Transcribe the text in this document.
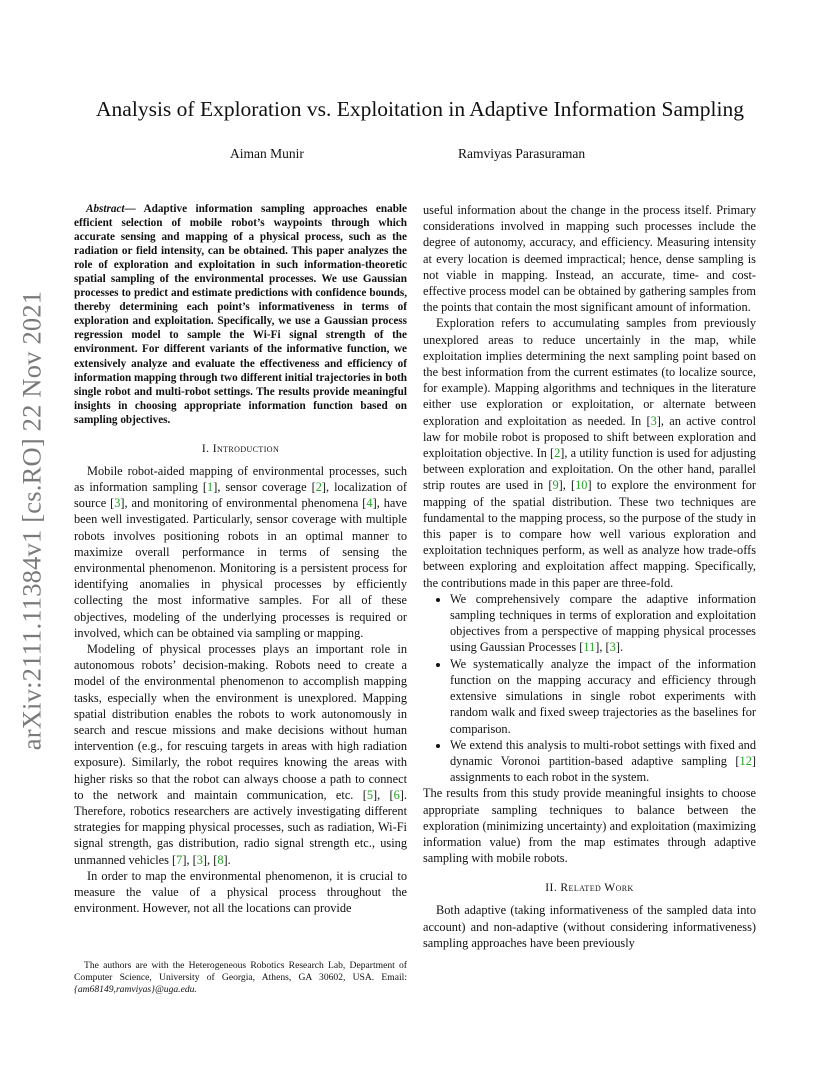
arXiv:2111.11384v1 [cs.RO] 22 Nov 2021
Analysis of Exploration vs. Exploitation in Adaptive Information Sampling
Aiman Munir	Ramviyas Parasuraman

Abstract— Adaptive information sampling approaches enable efficient selection of mobile robot’s waypoints through which accurate sensing and mapping of a physical process, such as the radiation or field intensity, can be obtained. This paper analyzes the role of exploration and exploitation in such information-theoretic spatial sampling of the environmental processes. We use Gaussian processes to predict and estimate predictions with confidence bounds, thereby determining each point’s informativeness in terms of exploration and exploitation. Specifically, we use a Gaussian process regression model to sample the Wi-Fi signal strength of the environment. For different variants of the informative function, we extensively analyze and evaluate the effectiveness and efficiency of information mapping through two different initial trajectories in both single robot and multi-robot settings. The results provide meaningful insights in choosing appropriate information function based on sampling objectives.

I. Introduction

Mobile robot-aided mapping of environmental processes, such as information sampling [1], sensor coverage [2], localization of source [3], and monitoring of environmental phenomena [4], have been well investigated. Particularly, sensor coverage with multiple robots involves positioning robots in an optimal manner to maximize overall performance in terms of sensing the environmental phenomenon. Monitoring is a persistent process for identifying anomalies in physical processes by efficiently collecting the most informative samples. For all of these objectives, modeling of the underlying processes is required or involved, which can be obtained via sampling or mapping.

Modeling of physical processes plays an important role in autonomous robots’ decision-making. Robots need to create a model of the environmental phenomenon to accomplish mapping tasks, especially when the environment is unexplored. Mapping spatial distribution enables the robots to work autonomously in search and rescue missions and make decisions without human intervention (e.g., for rescuing targets in areas with high radiation exposure). Similarly, the robot requires knowing the areas with higher risks so that the robot can always choose a path to connect to the network and maintain communication, etc. [5], [6]. Therefore, robotics researchers are actively investigating different strategies for mapping physical processes, such as radiation, Wi-Fi signal strength, gas distribution, radio signal strength etc., using unmanned vehicles [7], [3], [8].

In order to map the environmental phenomenon, it is crucial to measure the value of a physical process throughout the environment. However, not all the locations can provide

The authors are with the Heterogeneous Robotics Research Lab, Department of Computer Science, University of Georgia, Athens, GA 30602, USA. Email: {am68149,ramviyas}@uga.edu.

useful information about the change in the process itself. Primary considerations involved in mapping such processes include the degree of autonomy, accuracy, and efficiency. Measuring intensity at every location is deemed impractical; hence, dense sampling is not viable in mapping. Instead, an accurate, time- and cost-effective process model can be obtained by gathering samples from the points that contain the most significant amount of information.

Exploration refers to accumulating samples from previously unexplored areas to reduce uncertainly in the map, while exploitation implies determining the next sampling point based on the best information from the current estimates (to localize source, for example). Mapping algorithms and techniques in the literature either use exploration or exploitation, or alternate between exploration and exploitation as needed. In [3], an active control law for mobile robot is proposed to shift between exploration and exploitation objective. In [2], a utility function is used for adjusting between exploration and exploitation. On the other hand, parallel strip routes are used in [9], [10] to explore the environment for mapping of the spatial distribution. These two techniques are fundamental to the mapping process, so the purpose of the study in this paper is to compare how well various exploration and exploitation techniques perform, as well as analyze how trade-offs between exploring and exploitation affect mapping. Specifically, the contributions made in this paper are three-fold.

• We comprehensively compare the adaptive information sampling techniques in terms of exploration and exploitation objectives from a perspective of mapping physical processes using Gaussian Processes [11], [3].
• We systematically analyze the impact of the information function on the mapping accuracy and efficiency through extensive simulations in single robot experiments with random walk and fixed sweep trajectories as the baselines for comparison.
• We extend this analysis to multi-robot settings with fixed and dynamic Voronoi partition-based adaptive sampling [12] assignments to each robot in the system.

The results from this study provide meaningful insights to choose appropriate sampling techniques to balance between the exploration (minimizing uncertainty) and exploitation (maximizing information value) from the map estimates through adaptive sampling with mobile robots.

II. Related Work

Both adaptive (taking informativeness of the sampled data into account) and non-adaptive (without considering informativeness) sampling approaches have been previously
